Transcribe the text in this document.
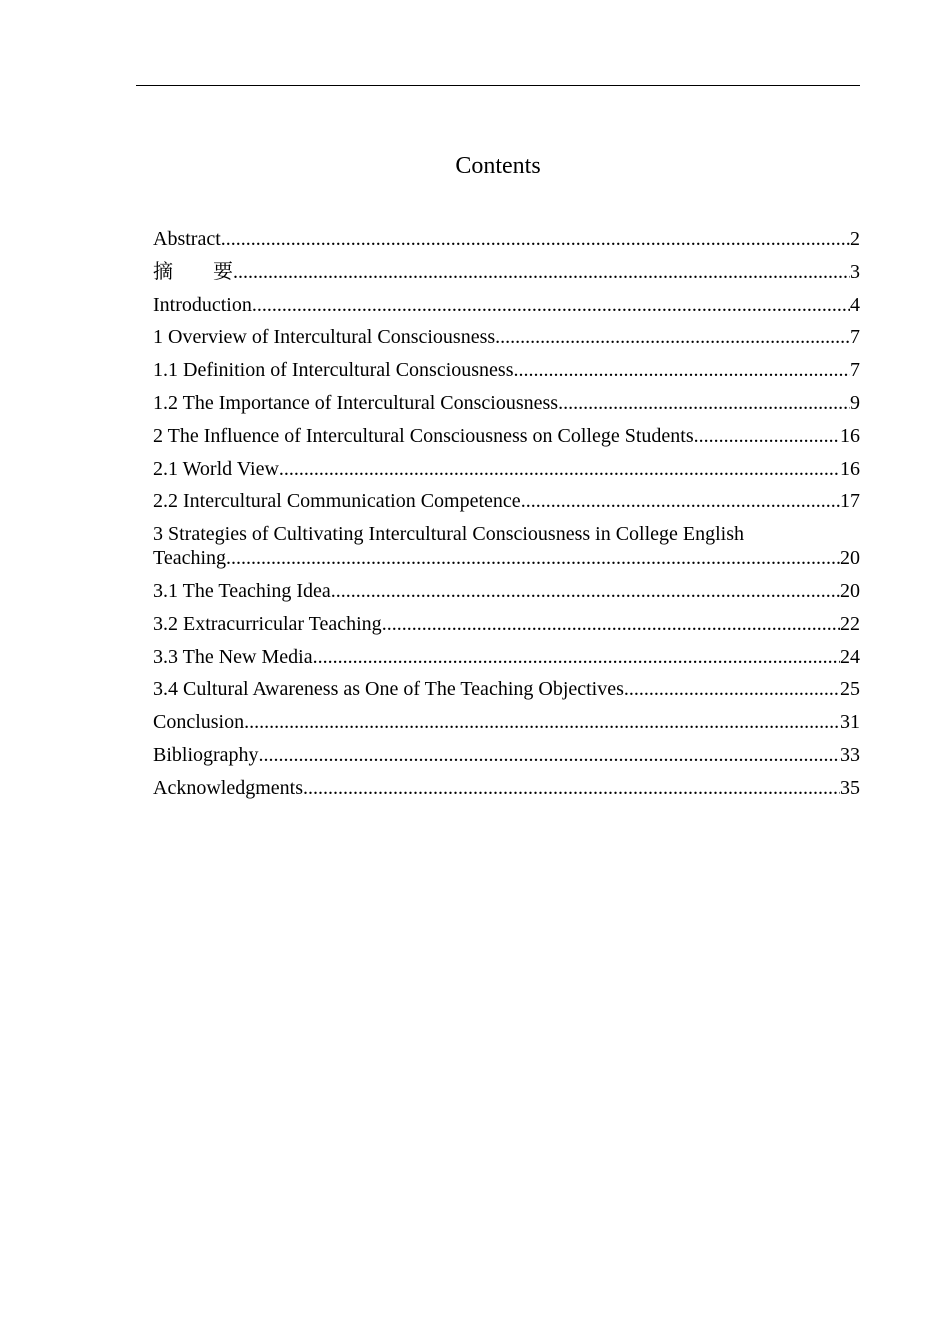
Contents
Abstract .....	2
摘　　要 .....	3
Introduction .....	4
1 Overview of Intercultural Consciousness .....	7
1.1 Definition of Intercultural Consciousness .....	7
1.2 The Importance of Intercultural Consciousness .....	9
2 The Influence of Intercultural Consciousness on College Students .....	16
2.1 World View .....	16
2.2 Intercultural Communication Competence .....	17
3 Strategies of Cultivating Intercultural Consciousness in College English
Teaching .....	20
3.1 The Teaching Idea .....	20
3.2 Extracurricular Teaching .....	22
3.3 The New Media .....	24
3.4 Cultural Awareness as One of The Teaching Objectives .....	25
Conclusion .....	31
Bibliography .....	33
Acknowledgments .....	35
